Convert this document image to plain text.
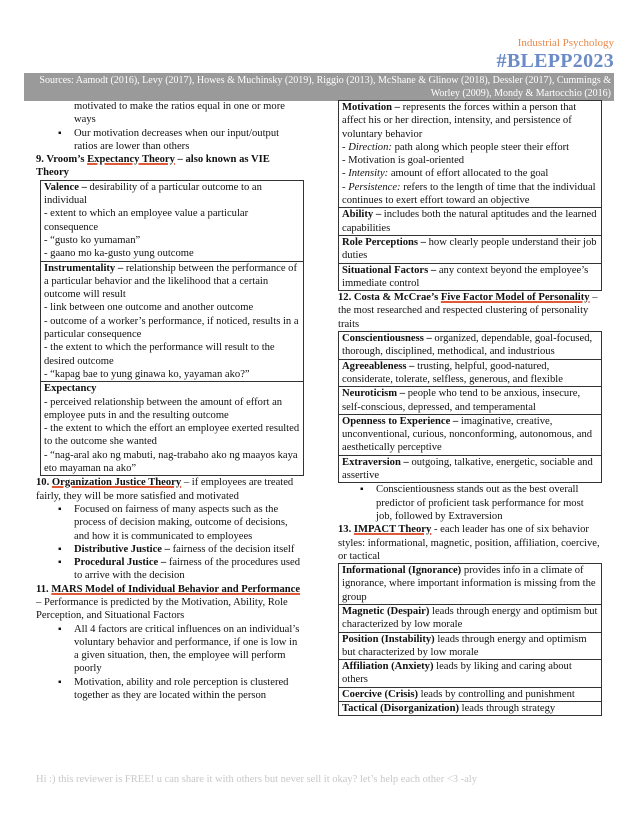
Industrial Psychology
#BLEPP2023
Sources: Aamodt (2016), Levy (2017), Howes & Muchinsky (2019), Riggio (2013), McShane & Glinow (2018), Dessler (2017), Cummings & Worley (2009), Mondy & Martocchio (2016)

motivated to make the ratios equal in one or more ways

▪ Our motivation decreases when our input/output ratios are lower than others

9. Vroom’s Expectancy Theory – also known as VIE Theory

Valence – desirability of a particular outcome to an individual

- extent to which an employee value a particular consequence

- “gusto ko yumaman”

- gaano mo ka-gusto yung outcome

Instrumentality – relationship between the performance of a particular behavior and the likelihood that a certain outcome will result

- link between one outcome and another outcome

- outcome of a worker’s performance, if noticed, results in a particular consequence

- the extent to which the performance will result to the desired outcome

- “kapag bae to yung ginawa ko, yayaman ako?”

Expectancy

- perceived relationship between the amount of effort an employee puts in and the resulting outcome

- the extent to which the effort an employee exerted resulted to the outcome she wanted

- “nag-aral ako ng mabuti, nag-trabaho ako ng maayos kaya eto mayaman na ako”

10. Organization Justice Theory – if employees are treated fairly, they will be more satisfied and motivated

▪ Focused on fairness of many aspects such as the process of decision making, outcome of decisions, and how it is communicated to employees

▪ Distributive Justice – fairness of the decision itself

▪ Procedural Justice – fairness of the procedures used to arrive with the decision

11. MARS Model of Individual Behavior and Performance – Performance is predicted by the Motivation, Ability, Role Perception, and Situational Factors

▪ All 4 factors are critical influences on an individual’s voluntary behavior and performance, if one is low in a given situation, then, the employee will perform poorly

▪ Motivation, ability and role perception is clustered together as they are located within the person

Motivation – represents the forces within a person that affect his or her direction, intensity, and persistence of voluntary behavior

- Direction: path along which people steer their effort

- Motivation is goal-oriented

- Intensity: amount of effort allocated to the goal

- Persistence: refers to the length of time that the individual continues to exert effort toward an objective

Ability – includes both the natural aptitudes and the learned capabilities

Role Perceptions – how clearly people understand their job duties

Situational Factors – any context beyond the employee’s immediate control

12. Costa & McCrae’s Five Factor Model of Personality – the most researched and respected clustering of personality traits

Conscientiousness – organized, dependable, goal-focused, thorough, disciplined, methodical, and industrious

Agreeableness – trusting, helpful, good-natured, considerate, tolerate, selfless, generous, and flexible

Neuroticism – people who tend to be anxious, insecure, self-conscious, depressed, and temperamental

Openness to Experience – imaginative, creative, unconventional, curious, nonconforming, autonomous, and aesthetically perceptive

Extraversion – outgoing, talkative, energetic, sociable and assertive

▪ Conscientiousness stands out as the best overall predictor of proficient task performance for most job, followed by Extraversion

13. IMPACT Theory - each leader has one of six behavior styles: informational, magnetic, position, affiliation, coercive, or tactical

Informational (Ignorance) provides info in a climate of ignorance, where important information is missing from the group

Magnetic (Despair) leads through energy and optimism but characterized by low morale

Position (Instability) leads through energy and optimism but characterized by low morale

Affiliation (Anxiety) leads by liking and caring about others

Coercive (Crisis) leads by controlling and punishment

Tactical (Disorganization) leads through strategy

Hi :) this reviewer is FREE! u can share it with others but never sell it okay? let’s help each other <3 -aly
